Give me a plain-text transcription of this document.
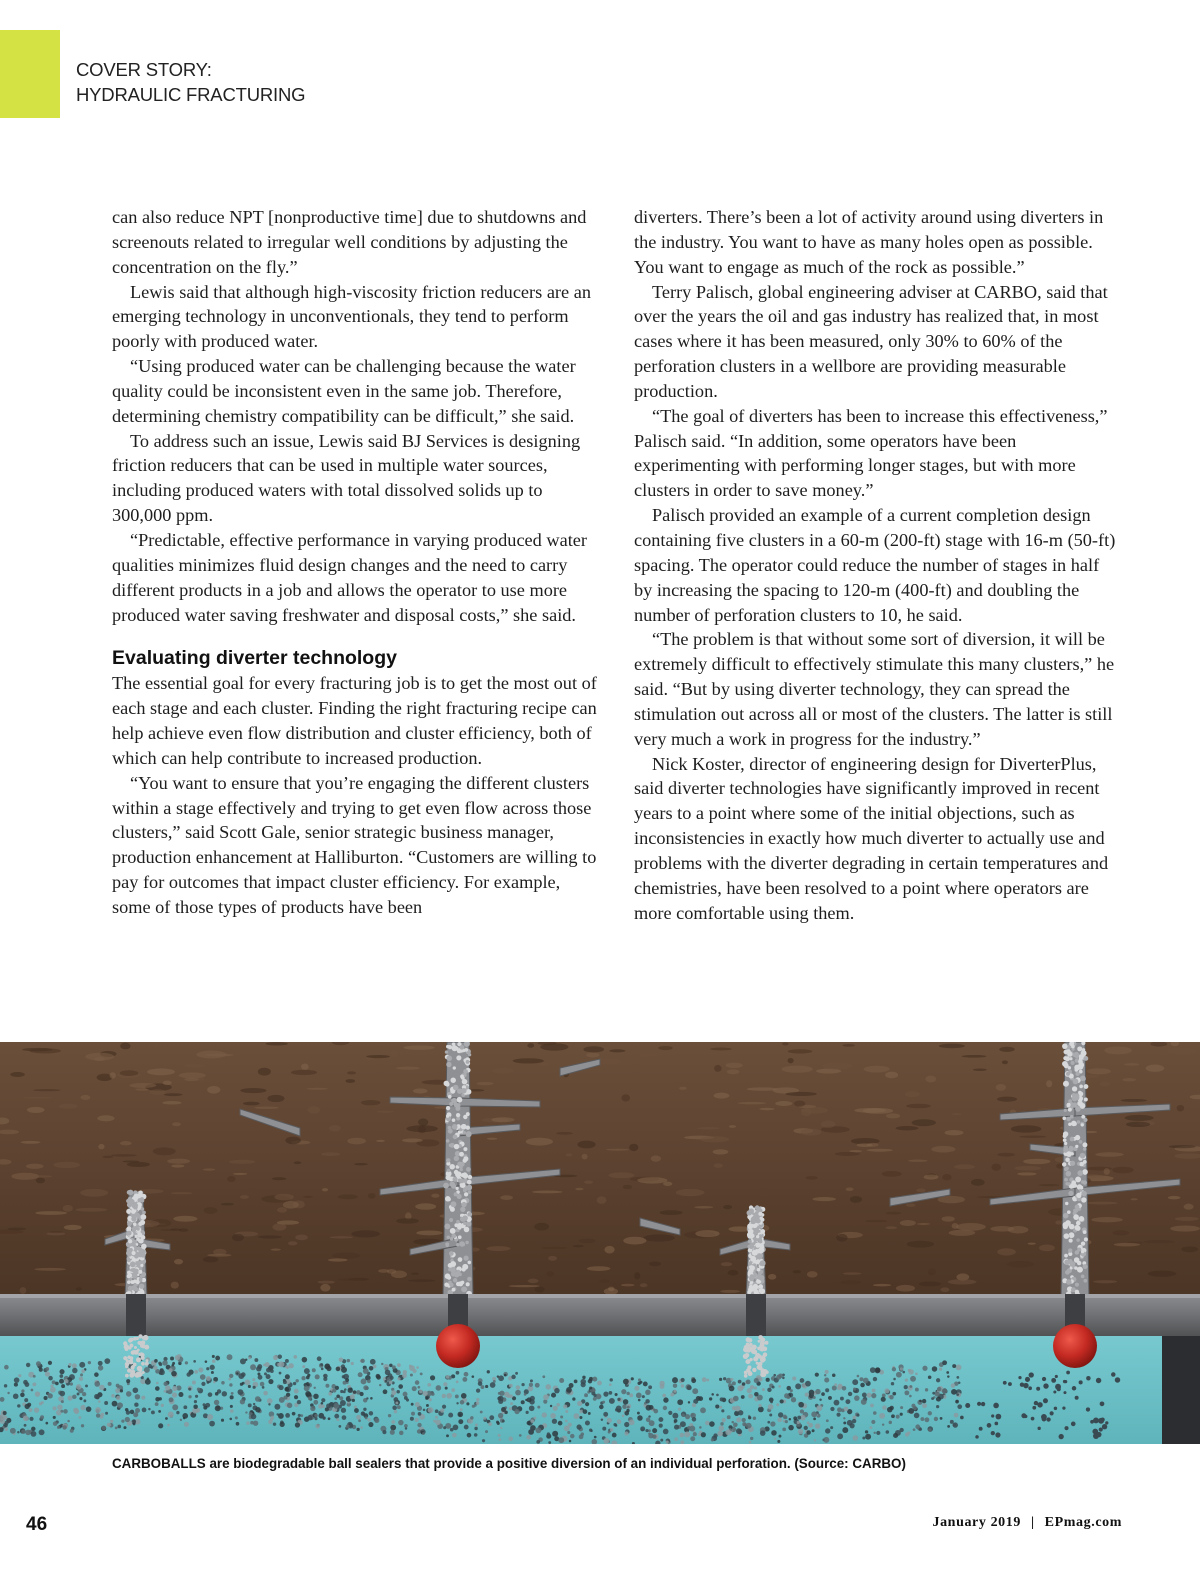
COVER STORY:
HYDRAULIC FRACTURING

can also reduce NPT [nonproductive time] due to shutdowns and screenouts related to irregular well conditions by adjusting the concentration on the fly.”

Lewis said that although high-viscosity friction reducers are an emerging technology in unconventionals, they tend to perform poorly with produced water.

“Using produced water can be challenging because the water quality could be inconsistent even in the same job. Therefore, determining chemistry compatibility can be difficult,” she said.

To address such an issue, Lewis said BJ Services is designing friction reducers that can be used in multiple water sources, including produced waters with total dissolved solids up to 300,000 ppm.

“Predictable, effective performance in varying produced water qualities minimizes fluid design changes and the need to carry different products in a job and allows the operator to use more produced water saving freshwater and disposal costs,” she said.

Evaluating diverter technology

The essential goal for every fracturing job is to get the most out of each stage and each cluster. Finding the right fracturing recipe can help achieve even flow distribution and cluster efficiency, both of which can help contribute to increased production.

“You want to ensure that you’re engaging the different clusters within a stage effectively and trying to get even flow across those clusters,” said Scott Gale, senior strategic business manager, production enhancement at Halliburton. “Customers are willing to pay for outcomes that impact cluster efficiency. For example, some of those types of products have been

diverters. There’s been a lot of activity around using diverters in the industry. You want to have as many holes open as possible. You want to engage as much of the rock as possible.”

Terry Palisch, global engineering adviser at CARBO, said that over the years the oil and gas industry has realized that, in most cases where it has been measured, only 30% to 60% of the perforation clusters in a wellbore are providing measurable production.

“The goal of diverters has been to increase this effectiveness,” Palisch said. “In addition, some operators have been experimenting with performing longer stages, but with more clusters in order to save money.”

Palisch provided an example of a current completion design containing five clusters in a 60-m (200-ft) stage with 16-m (50-ft) spacing. The operator could reduce the number of stages in half by increasing the spacing to 120-m (400-ft) and doubling the number of perforation clusters to 10, he said.

“The problem is that without some sort of diversion, it will be extremely difficult to effectively stimulate this many clusters,” he said. “But by using diverter technology, they can spread the stimulation out across all or most of the clusters. The latter is still very much a work in progress for the industry.”

Nick Koster, director of engineering design for DiverterPlus, said diverter technologies have significantly improved in recent years to a point where some of the initial objections, such as inconsistencies in exactly how much diverter to actually use and problems with the diverter degrading in certain temperatures and chemistries, have been resolved to a point where operators are more comfortable using them.

CARBOBALLS are biodegradable ball sealers that provide a positive diversion of an individual perforation. (Source: CARBO)
46	January 2019 | EPmag.com
